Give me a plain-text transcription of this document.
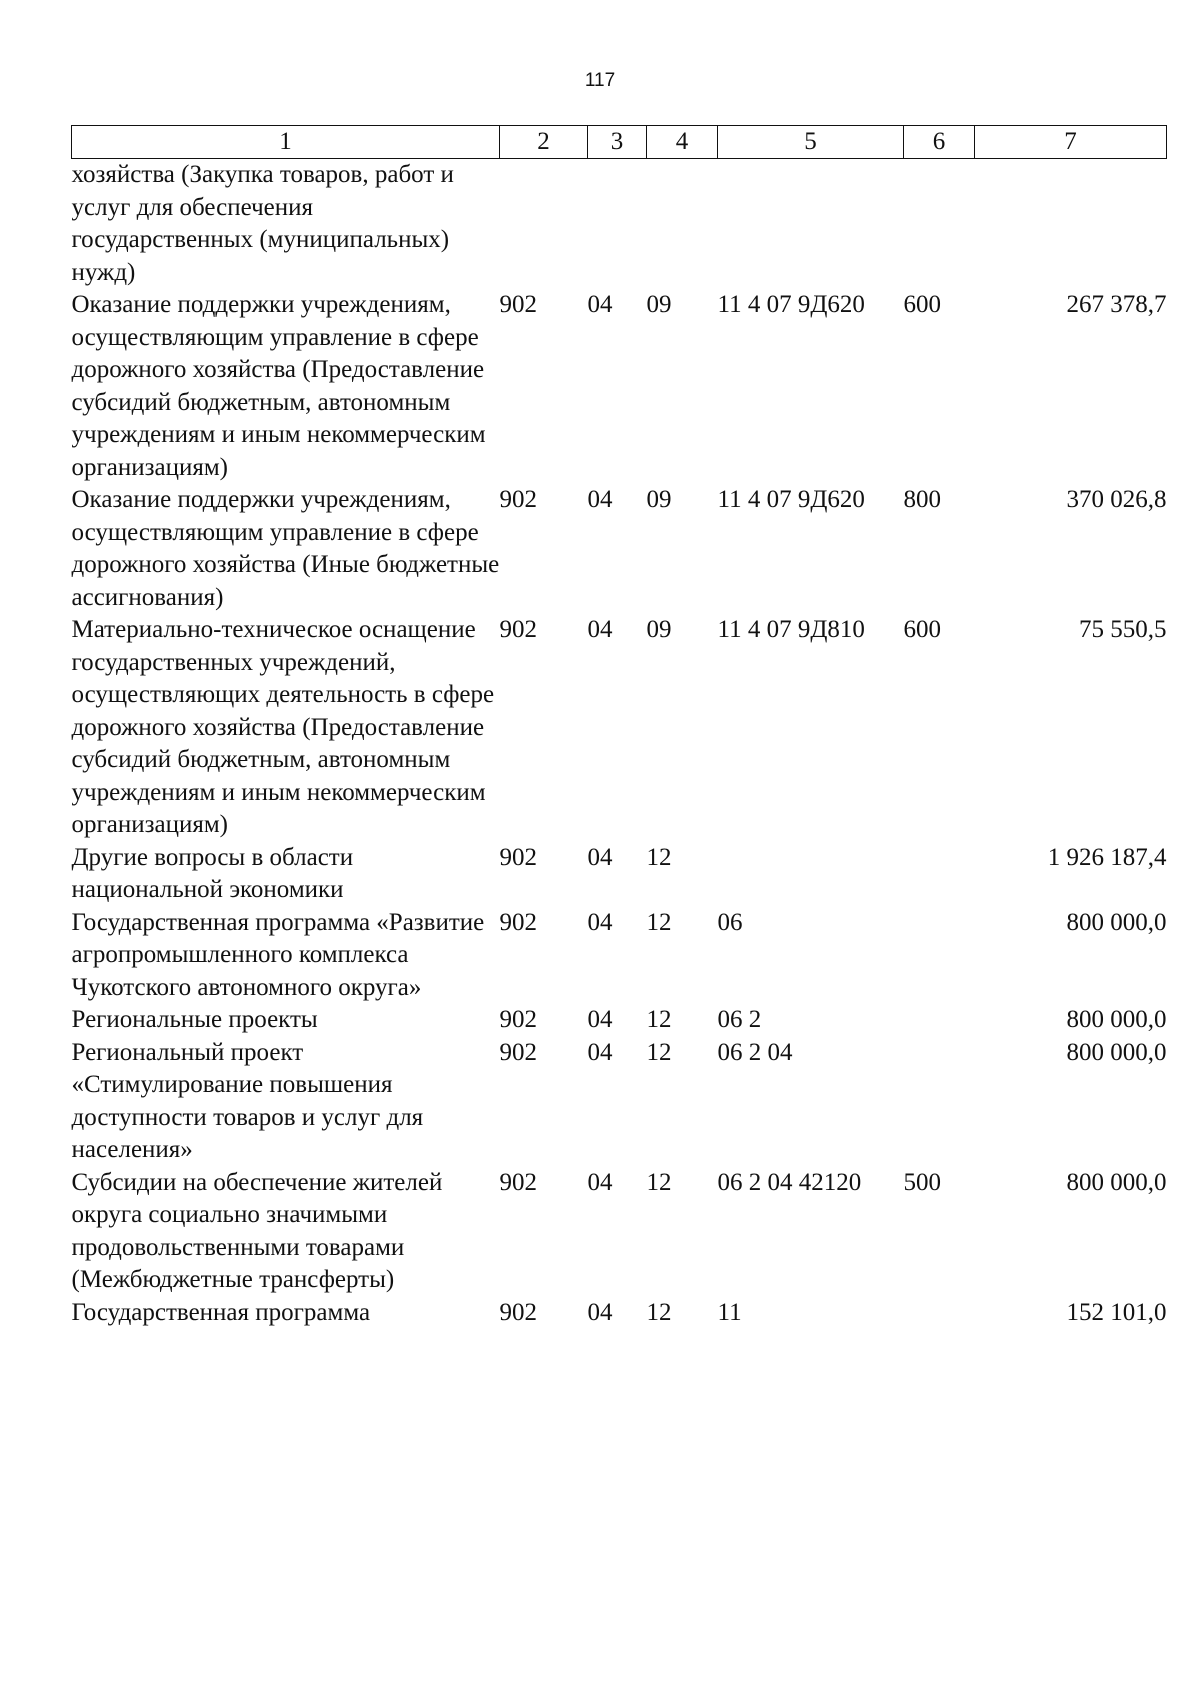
117
1	2	3	4	5	6	7
хозяйства (Закупка товаров, работ и услуг для обеспечения государственных (муниципальных) нужд)						
Оказание поддержки учреждениям, осуществляющим управление в сфере дорожного хозяйства (Предоставление субсидий бюджетным, автономным учреждениям и иным некоммерческим организациям)	902	04	09	11 4 07 9Д620	600	267 378,7
Оказание поддержки учреждениям, осуществляющим управление в сфере дорожного хозяйства (Иные бюджетные ассигнования)	902	04	09	11 4 07 9Д620	800	370 026,8
Материально-техническое оснащение государственных учреждений, осуществляющих деятельность в сфере дорожного хозяйства (Предоставление субсидий бюджетным, автономным учреждениям и иным некоммерческим организациям)	902	04	09	11 4 07 9Д810	600	75 550,5
Другие вопросы в области национальной экономики	902	04	12			1 926 187,4
Государственная программа «Развитие агропромышленного комплекса Чукотского автономного округа»	902	04	12	06		800 000,0
Региональные проекты	902	04	12	06 2		800 000,0
Региональный проект «Стимулирование повышения доступности товаров и услуг для населения»	902	04	12	06 2 04		800 000,0
Субсидии на обеспечение жителей округа социально значимыми продовольственными товарами (Межбюджетные трансферты)	902	04	12	06 2 04 42120	500	800 000,0
Государственная программа	902	04	12	11		152 101,0
